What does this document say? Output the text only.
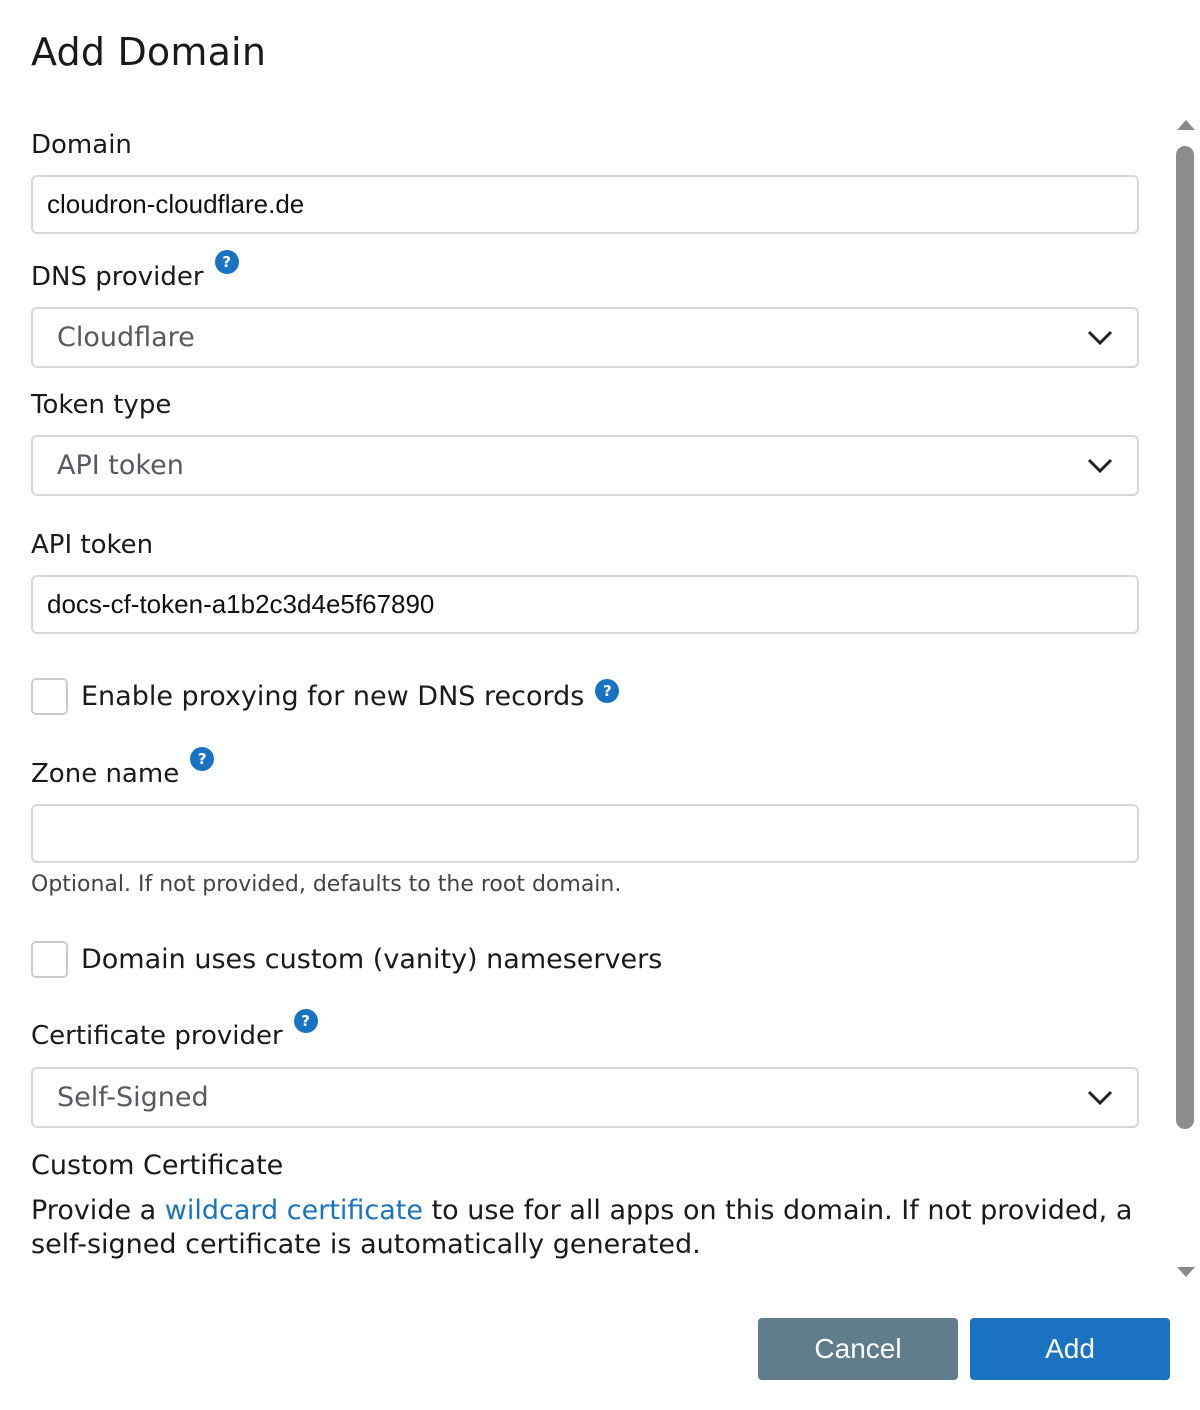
Add Domain
Domain
cloudron-cloudflare.de
DNS provider	?
Cloudflare
Token type
API token
API token
docs-cf-token-a1b2c3d4e5f67890
Enable proxying for new DNS records	?
Zone name	?
Optional. If not provided, defaults to the root domain.
Domain uses custom (vanity) nameservers
Certificate provider	?
Self-Signed
Custom Certificate
Provide a wildcard certificate to use for all apps on this domain. If not provided, a self-signed certificate is automatically generated.
Cancel	Add
